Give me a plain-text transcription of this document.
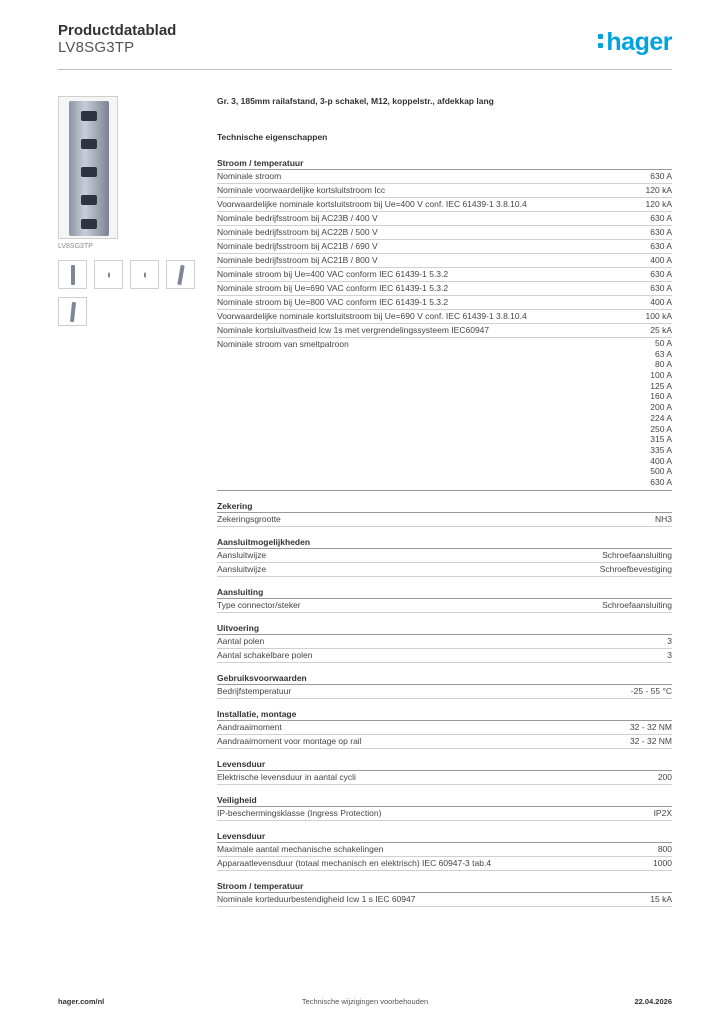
Productdatablad
LV8SG3TP	hager
LV8SG3TP
Gr. 3, 185mm railafstand, 3-p schakel, M12, koppelstr., afdekkap lang
Technische eigenschappen
Stroom / temperatuur
Nominale stroom	630 A
Nominale voorwaardelijke kortsluitstroom Icc	120 kA
Voorwaardelijke nominale kortsluitstroom bij Ue=400 V conf. IEC 61439-1 3.8.10.4	120 kA
Nominale bedrijfsstroom bij AC23B / 400 V	630 A
Nominale bedrijfsstroom bij AC22B / 500 V	630 A
Nominale bedrijfsstroom bij AC21B / 690 V	630 A
Nominale bedrijfsstroom bij AC21B / 800 V	400 A
Nominale stroom bij Ue=400 VAC conform IEC 61439-1 5.3.2	630 A
Nominale stroom bij Ue=690 VAC conform IEC 61439-1 5.3.2	630 A
Nominale stroom bij Ue=800 VAC conform IEC 61439-1 5.3.2	400 A
Voorwaardelijke nominale kortsluitstroom bij Ue=690 V conf. IEC 61439-1 3.8.10.4	100 kA
Nominale kortsluitvastheid Icw 1s met vergrendelingssysteem IEC60947	25 kA
Nominale stroom van smeltpatroon	50 A
63 A
80 A
100 A
125 A
160 A
200 A
224 A
250 A
315 A
335 A
400 A
500 A
630 A
Zekering
Zekeringsgrootte	NH3
Aansluitmogelijkheden
Aansluitwijze	Schroefaansluiting
Aansluitwijze	Schroefbevestiging
Aansluiting
Type connector/steker	Schroefaansluiting
Uitvoering
Aantal polen	3
Aantal schakelbare polen	3
Gebruiksvoorwaarden
Bedrijfstemperatuur	-25 - 55 °C
Installatie, montage
Aandraaimoment	32 - 32 NM
Aandraaimoment voor montage op rail	32 - 32 NM
Levensduur
Elektrische levensduur in aantal cycli	200
Veiligheid
IP-beschermingsklasse (Ingress Protection)	IP2X
Levensduur
Maximale aantal mechanische schakelingen	800
Apparaatlevensduur (totaal mechanisch en elektrisch) IEC 60947-3 tab.4	1000
Stroom / temperatuur
Nominale korteduurbestendigheid Icw 1 s IEC 60947	15 kA
hager.com/nl	Technische wijzigingen voorbehouden	22.04.2026
